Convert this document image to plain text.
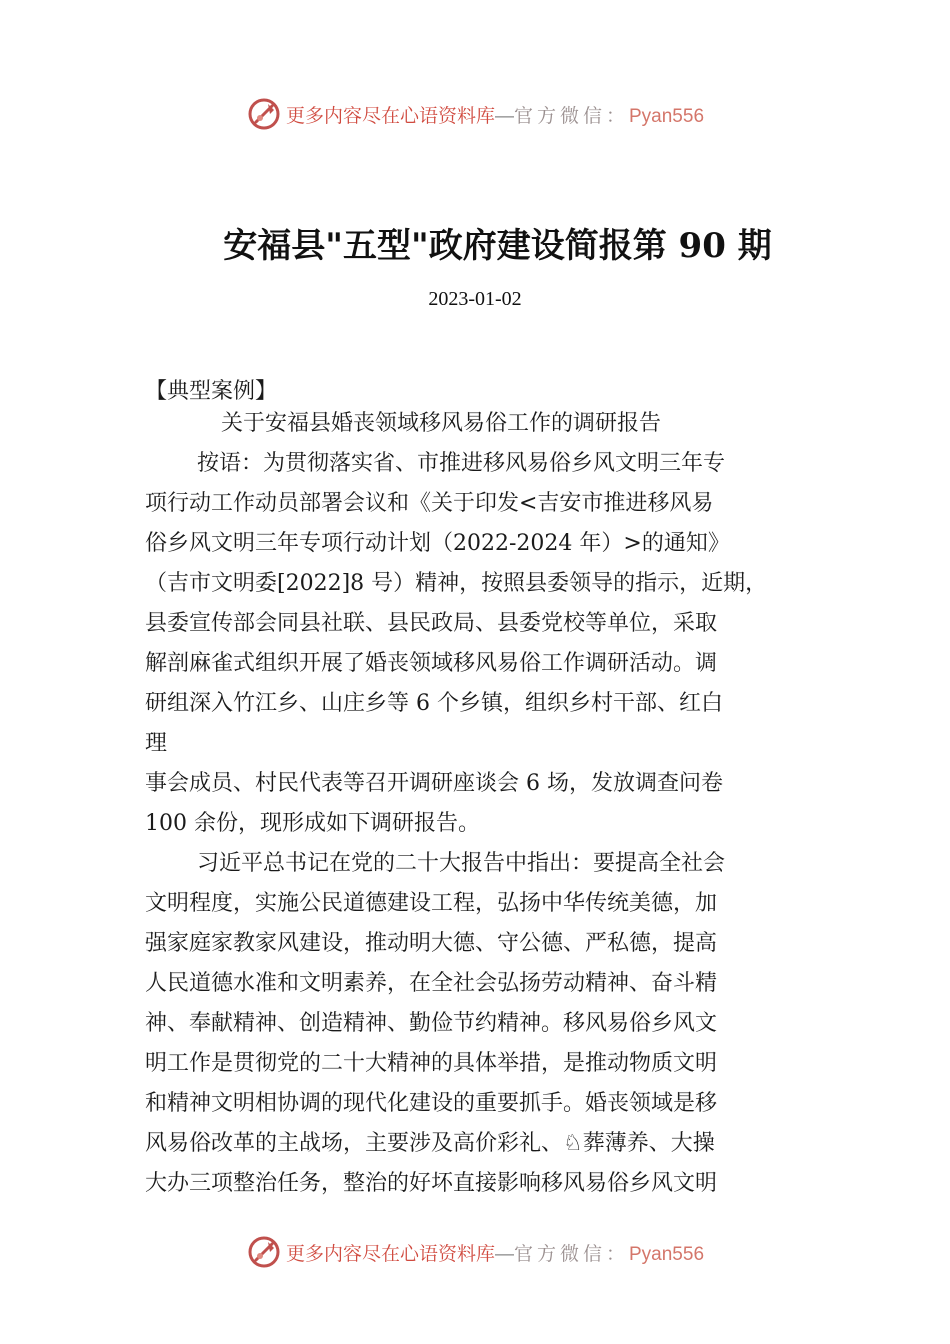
更多内容尽在心语资料库—官方微信：Pyan556
安福县"五型"政府建设简报第 90 期
2023-01-02

【典型案例】

关于安福县婚丧领域移风易俗工作的调研报告

按语：为贯彻落实省、市推进移风易俗乡风文明三年专
项行动工作动员部署会议和《关于印发<吉安市推进移风易
俗乡风文明三年专项行动计划（2022-2024 年）>的通知》
（吉市文明委[2022]8 号）精神，按照县委领导的指示，近期，
县委宣传部会同县社联、县民政局、县委党校等单位，采取
解剖麻雀式组织开展了婚丧领域移风易俗工作调研活动。调
研组深入竹江乡、山庄乡等 6 个乡镇，组织乡村干部、红白
理
事会成员、村民代表等召开调研座谈会 6 场，发放调查问卷
100 余份，现形成如下调研报告。
习近平总书记在党的二十大报告中指出：要提高全社会
文明程度，实施公民道德建设工程，弘扬中华传统美德，加
强家庭家教家风建设，推动明大德、守公德、严私德，提高
人民道德水准和文明素养，在全社会弘扬劳动精神、奋斗精
神、奉献精神、创造精神、勤俭节约精神。移风易俗乡风文
明工作是贯彻党的二十大精神的具体举措，是推动物质文明
和精神文明相协调的现代化建设的重要抓手。婚丧领域是移
风易俗改革的主战场，主要涉及高价彩礼、♘葬薄养、大操
大办三项整治任务，整治的好坏直接影响移风易俗乡风文明
更多内容尽在心语资料库—官方微信：Pyan556
